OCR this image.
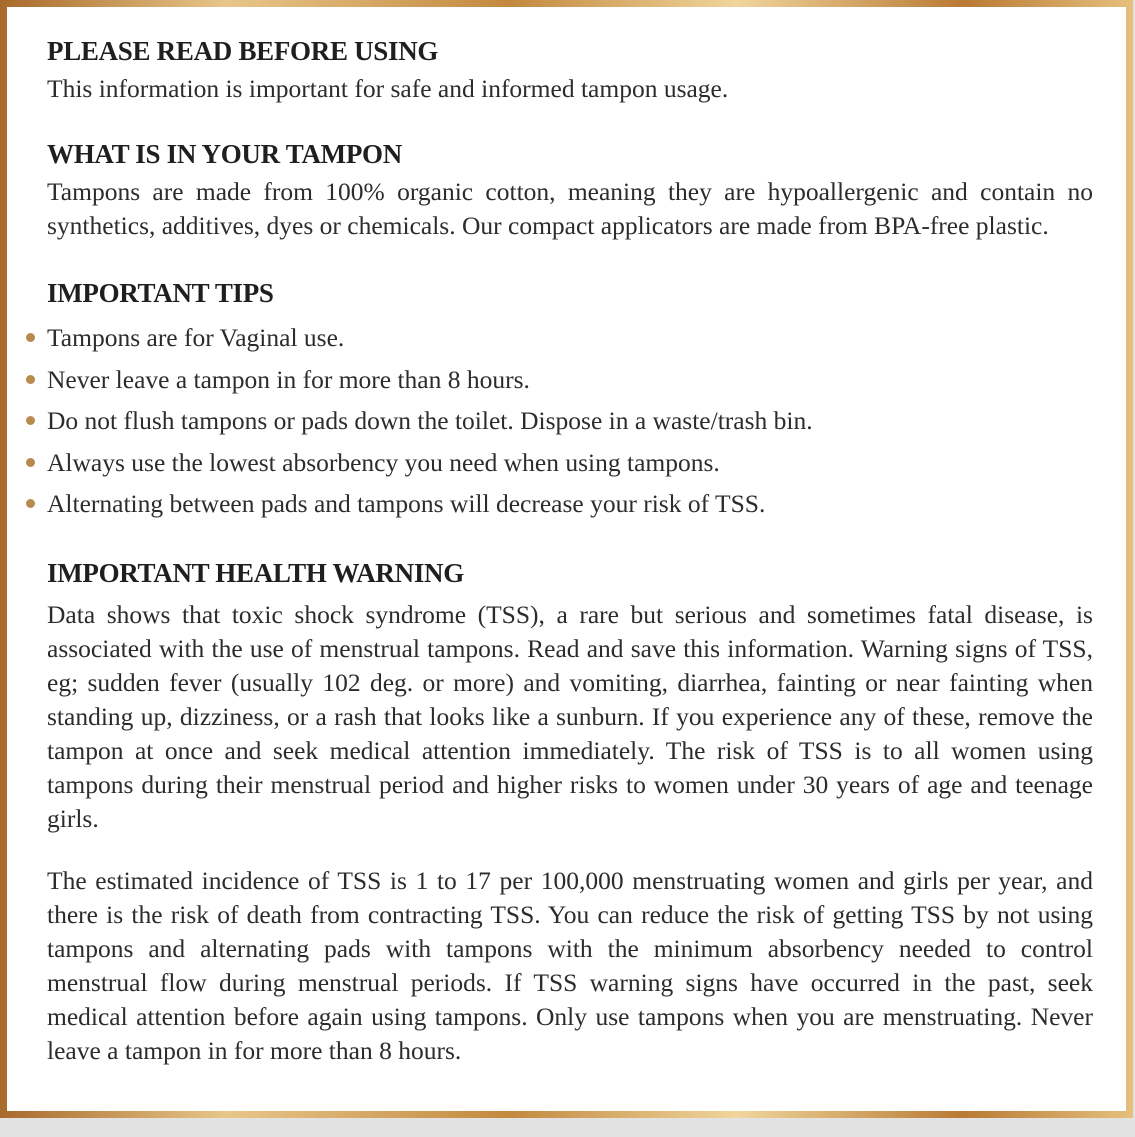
PLEASE READ BEFORE USING

This information is important for safe and informed tampon usage.

WHAT IS IN YOUR TAMPON

Tampons are made from 100% organic cotton, meaning they are hypoallergenic and contain no synthetics, additives, dyes or chemicals. Our compact applicators are made from BPA-free plastic.

IMPORTANT TIPS
Tampons are for Vaginal use.
Never leave a tampon in for more than 8 hours.
Do not flush tampons or pads down the toilet. Dispose in a waste/trash bin.
Always use the lowest absorbency you need when using tampons.
Alternating between pads and tampons will decrease your risk of TSS.
IMPORTANT HEALTH WARNING

Data shows that toxic shock syndrome (TSS), a rare but serious and sometimes fatal disease, is associated with the use of menstrual tampons. Read and save this information. Warning signs of TSS, eg; sudden fever (usually 102 deg. or more) and vomiting, diarrhea, fainting or near fainting when standing up, dizziness, or a rash that looks like a sunburn. If you experience any of these, remove the tampon at once and seek medical attention immediately. The risk of TSS is to all women using tampons during their menstrual period and higher risks to women under 30 years of age and teenage girls.

The estimated incidence of TSS is 1 to 17 per 100,000 menstruating women and girls per year, and there is the risk of death from contracting TSS. You can reduce the risk of getting TSS by not using tampons and alternating pads with tampons with the minimum absorbency needed to control menstrual flow during menstrual periods. If TSS warning signs have occurred in the past, seek medical attention before again using tampons. Only use tampons when you are menstruating. Never leave a tampon in for more than 8 hours.
